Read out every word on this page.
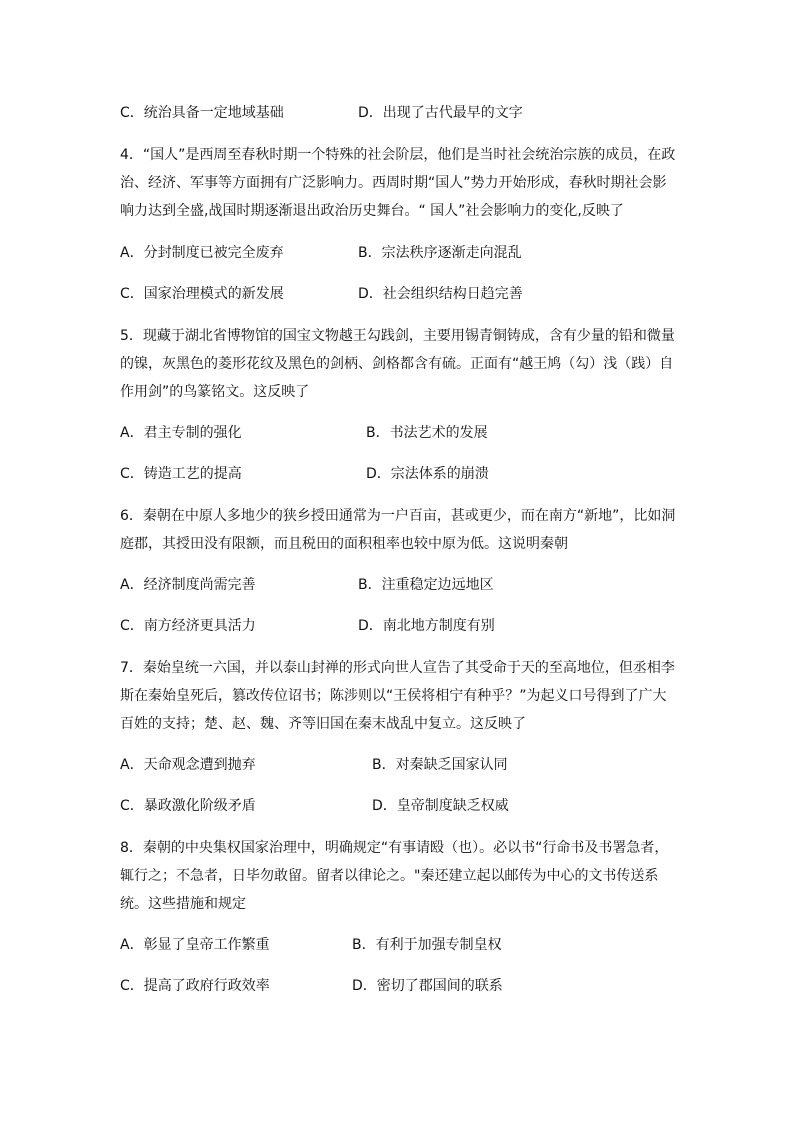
C．统治具备一定地域基础	D．出现了古代最早的文字
4．“国人”是西周至春秋时期一个特殊的社会阶层，他们是当时社会统治宗族的成员，在政
治、经济、军事等方面拥有广泛影响力。西周时期“国人”势力开始形成，春秋时期社会影
响力达到全盛,战国时期逐渐退出政治历史舞台。“ 国人”社会影响力的变化,反映了
A．分封制度已被完全废弃	B．宗法秩序逐渐走向混乱
C．国家治理模式的新发展	D．社会组织结构日趋完善
5．现藏于湖北省博物馆的国宝文物越王勾践剑，主要用锡青铜铸成，含有少量的铅和微量
的镍，灰黑色的菱形花纹及黑色的剑柄、剑格都含有硫。正面有“越王鸠（勾）浅（践）自
作用剑”的鸟篆铭文。这反映了
A．君主专制的强化	B．书法艺术的发展
C．铸造工艺的提高	D．宗法体系的崩溃
6．秦朝在中原人多地少的狭乡授田通常为一户百亩，甚或更少，而在南方“新地”，比如洞
庭郡，其授田没有限额，而且税田的面积租率也较中原为低。这说明秦朝
A．经济制度尚需完善	B．注重稳定边远地区
C．南方经济更具活力	D．南北地方制度有别
7．秦始皇统一六国，并以泰山封禅的形式向世人宣告了其受命于天的至高地位，但丞相李
斯在秦始皇死后，篡改传位诏书；陈涉则以“王侯将相宁有种乎？”为起义口号得到了广大
百姓的支持；楚、赵、魏、齐等旧国在秦末战乱中复立。这反映了
A．天命观念遭到抛弃	B．对秦缺乏国家认同
C．暴政激化阶级矛盾	D．皇帝制度缺乏权威
8．秦朝的中央集权国家治理中，明确规定“有事请殹（也）。必以书“行命书及书署急者，
辄行之；不急者，日毕勿敢留。留者以律论之。"秦还建立起以邮传为中心的文书传送系
统。这些措施和规定
A．彰显了皇帝工作繁重	B．有利于加强专制皇权
C．提高了政府行政效率	D．密切了郡国间的联系
